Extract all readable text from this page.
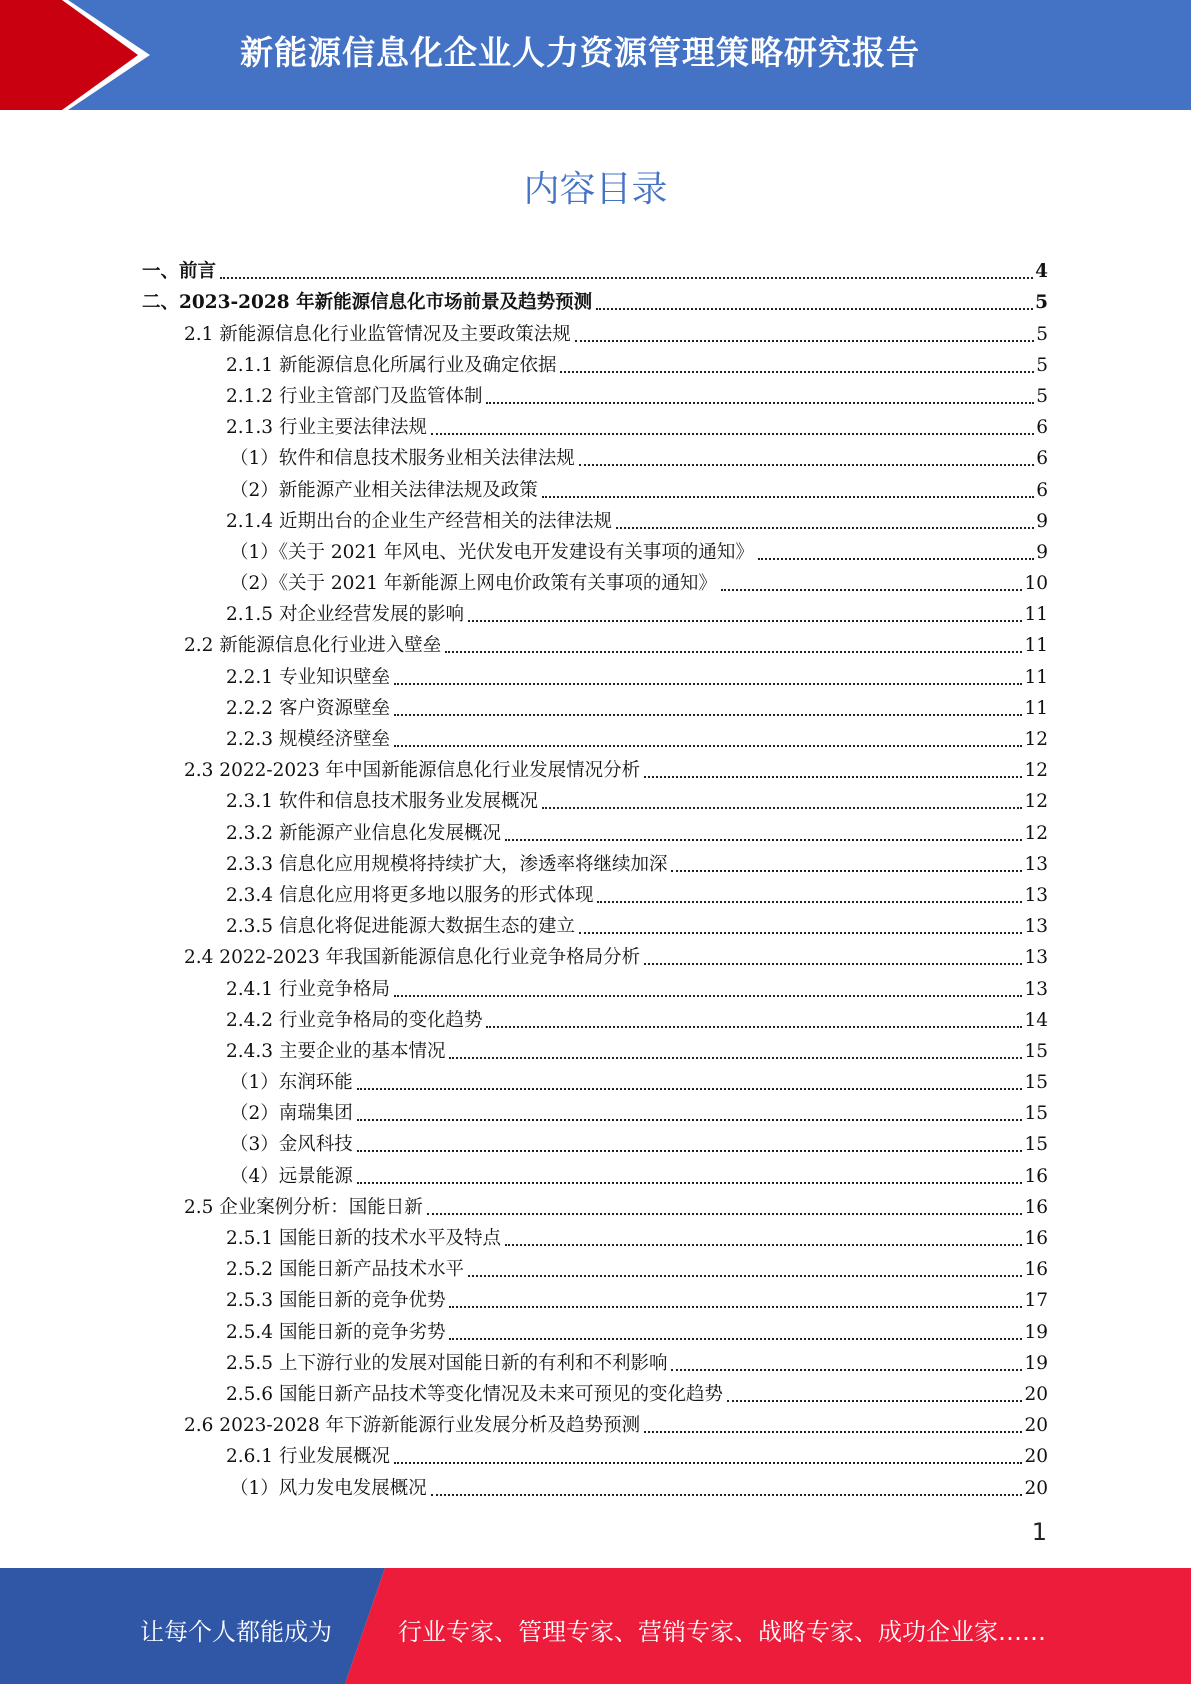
新能源信息化企业人力资源管理策略研究报告
内容目录
一、前言	4
二、2023-2028 年新能源信息化市场前景及趋势预测	5
2.1 新能源信息化行业监管情况及主要政策法规	5
2.1.1 新能源信息化所属行业及确定依据	5
2.1.2 行业主管部门及监管体制	5
2.1.3 行业主要法律法规	6
（1）软件和信息技术服务业相关法律法规	6
（2）新能源产业相关法律法规及政策	6
2.1.4 近期出台的企业生产经营相关的法律法规	9
（1）《关于 2021 年风电、光伏发电开发建设有关事项的通知》	9
（2）《关于 2021 年新能源上网电价政策有关事项的通知》	10
2.1.5 对企业经营发展的影响	11
2.2 新能源信息化行业进入壁垒	11
2.2.1 专业知识壁垒	11
2.2.2 客户资源壁垒	11
2.2.3 规模经济壁垒	12
2.3 2022-2023 年中国新能源信息化行业发展情况分析	12
2.3.1 软件和信息技术服务业发展概况	12
2.3.2 新能源产业信息化发展概况	12
2.3.3 信息化应用规模将持续扩大，渗透率将继续加深	13
2.3.4 信息化应用将更多地以服务的形式体现	13
2.3.5 信息化将促进能源大数据生态的建立	13
2.4 2022-2023 年我国新能源信息化行业竞争格局分析	13
2.4.1 行业竞争格局	13
2.4.2 行业竞争格局的变化趋势	14
2.4.3 主要企业的基本情况	15
（1）东润环能	15
（2）南瑞集团	15
（3）金风科技	15
（4）远景能源	16
2.5 企业案例分析：国能日新	16
2.5.1 国能日新的技术水平及特点	16
2.5.2 国能日新产品技术水平	16
2.5.3 国能日新的竞争优势	17
2.5.4 国能日新的竞争劣势	19
2.5.5 上下游行业的发展对国能日新的有利和不利影响	19
2.5.6 国能日新产品技术等变化情况及未来可预见的变化趋势	20
2.6 2023-2028 年下游新能源行业发展分析及趋势预测	20
2.6.1 行业发展概况	20
（1）风力发电发展概况	20
1
让每个人都能成为	行业专家、管理专家、营销专家、战略专家、成功企业家……
